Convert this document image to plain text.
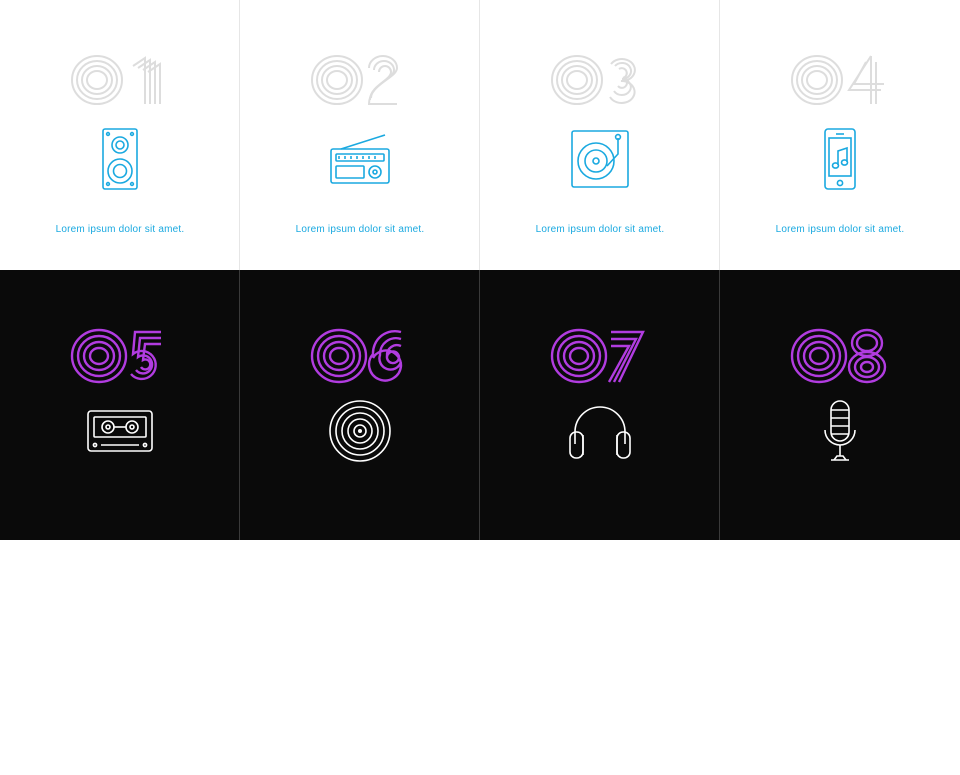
Lorem ipsum dolor sit amet.	Lorem ipsum dolor sit amet.	Lorem ipsum dolor sit amet.	Lorem ipsum dolor sit amet.
Lorem ipsum dolor sit amet.	Lorem ipsum dolor sit amet.	Lorem ipsum dolor sit amet.	Lorem ipsum dolor sit amet.
